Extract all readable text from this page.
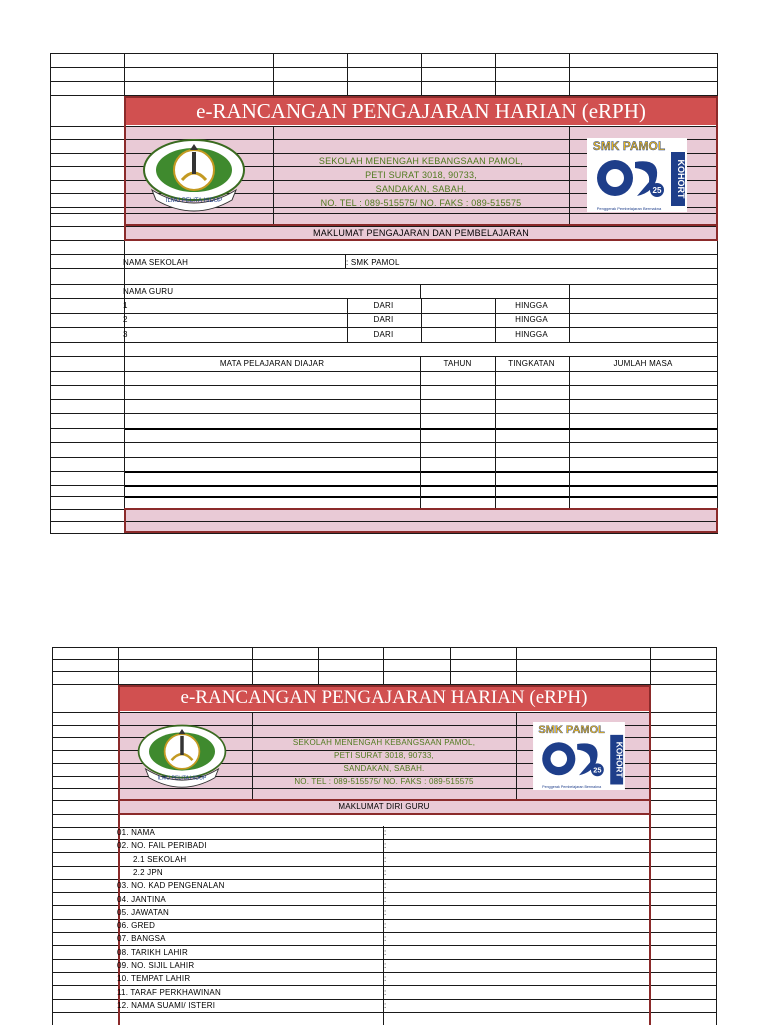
e-RANCANGAN PENGAJARAN HARIAN (eRPH)
ILMU PELITA HIDUP
SMK PAMOL
25 KOHORT
Penggerak Pembelajaran Bermakna
SEKOLAH MENENGAH KEBANGSAAN PAMOL,
PETI SURAT 3018, 90733,
SANDAKAN, SABAH.
NO. TEL : 089-515575/ NO. FAKS : 089-515575
MAKLUMAT PENGAJARAN DAN PEMBELAJARAN
NAMA SEKOLAH	: SMK PAMOL
NAMA GURU
1	DARI	HINGGA
2	DARI	HINGGA
3	DARI	HINGGA
MATA PELAJARAN DIAJAR	TAHUN	TINGKATAN	JUMLAH MASA
e-RANCANGAN PENGAJARAN HARIAN (eRPH)
ILMU PELITA HIDUP
SMK PAMOL
25 KOHORT
Penggerak Pembelajaran Bermakna
SEKOLAH MENENGAH KEBANGSAAN PAMOL,
PETI SURAT 3018, 90733,
SANDAKAN, SABAH.
NO. TEL : 089-515575/ NO. FAKS : 089-515575
MAKLUMAT DIRI GURU
01. NAMA	:
02. NO. FAIL PERIBADI	:
2.1 SEKOLAH	:
2.2 JPN	:
03. NO. KAD PENGENALAN	:
04. JANTINA	:
05. JAWATAN	:
06. GRED	:
07. BANGSA	:
08. TARIKH LAHIR	:
09. NO. SIJIL LAHIR	:
10. TEMPAT LAHIR	:
11. TARAF PERKHAWINAN	:
12. NAMA SUAMI/ ISTERI	:
